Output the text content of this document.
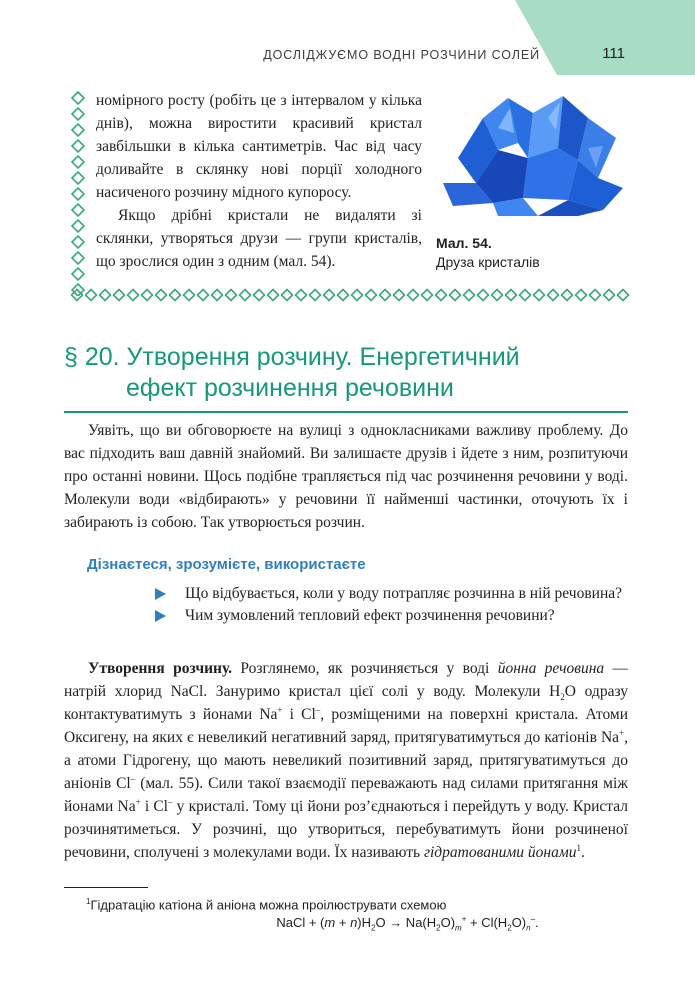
ДОСЛІДЖУЄМО ВОДНІ РОЗЧИНИ СОЛЕЙ	111

номірного росту (робіть це з інтервалом у кілька днів), можна виростити красивий кристал завбільшки в кілька сантиметрів. Час від часу доливайте в склянку нові порції холодного насиченого розчину мідного купоросу.

Якщо дрібні кристали не видаляти зі склянки, утворяться друзи — групи кристалів, що зрослися один з одним (мал. 54).

Мал. 54.
Друза кристалів
§ 20. Утворення розчину. Енергетичний
ефект розчинення речовини

Уявіть, що ви обговорюєте на вулиці з однокласниками важливу проблему. До вас підходить ваш давній знайомий. Ви залишаєте друзів і йдете з ним, розпитуючи про останні новини. Щось подібне трапляється під час розчинення речовини у воді. Молекули води «відбирають» у речовини її найменші частинки, оточують їх і забирають із собою. Так утворюється розчин.

Дізнаєтеся, зрозумієте, використаєте
Що відбувається, коли у воду потрапляє розчинна в ній речовина?
Чим зумовлений тепловий ефект розчинення речовини?

Утворення розчину. Розглянемо, як розчиняється у воді йонна речовина — натрій хлорид NaCl. Зануримо кристал цієї солі у воду. Молекули $H_2O$ одразу контактуватимуть з йонами Na+ і Cl–, розміщеними на поверхні кристала. Атоми Оксигену, на яких є невеликий негативний заряд, притягуватимуться до катіонів Na+, а атоми Гідрогену, що мають невеликий позитивний заряд, притягуватимуться до аніонів Cl– (мал. 55). Сили такої взаємодії переважають над силами притягання між йонами Na+ і Cl– у кристалі. Тому ці йони роз’єднаються і перейдуть у воду. Кристал розчинятиметься. У розчині, що утвориться, перебуватимуть йони розчиненої речовини, сполучені з молекулами води. Їх називають гідратованими йонами$^1$.

$^1$Гідратацію катіона й аніона можна проілюструвати схемою

NaCl + $(m + n)H_2O \to Na(H_2O)_m^+ + Cl(H_2O)_n^-$.
